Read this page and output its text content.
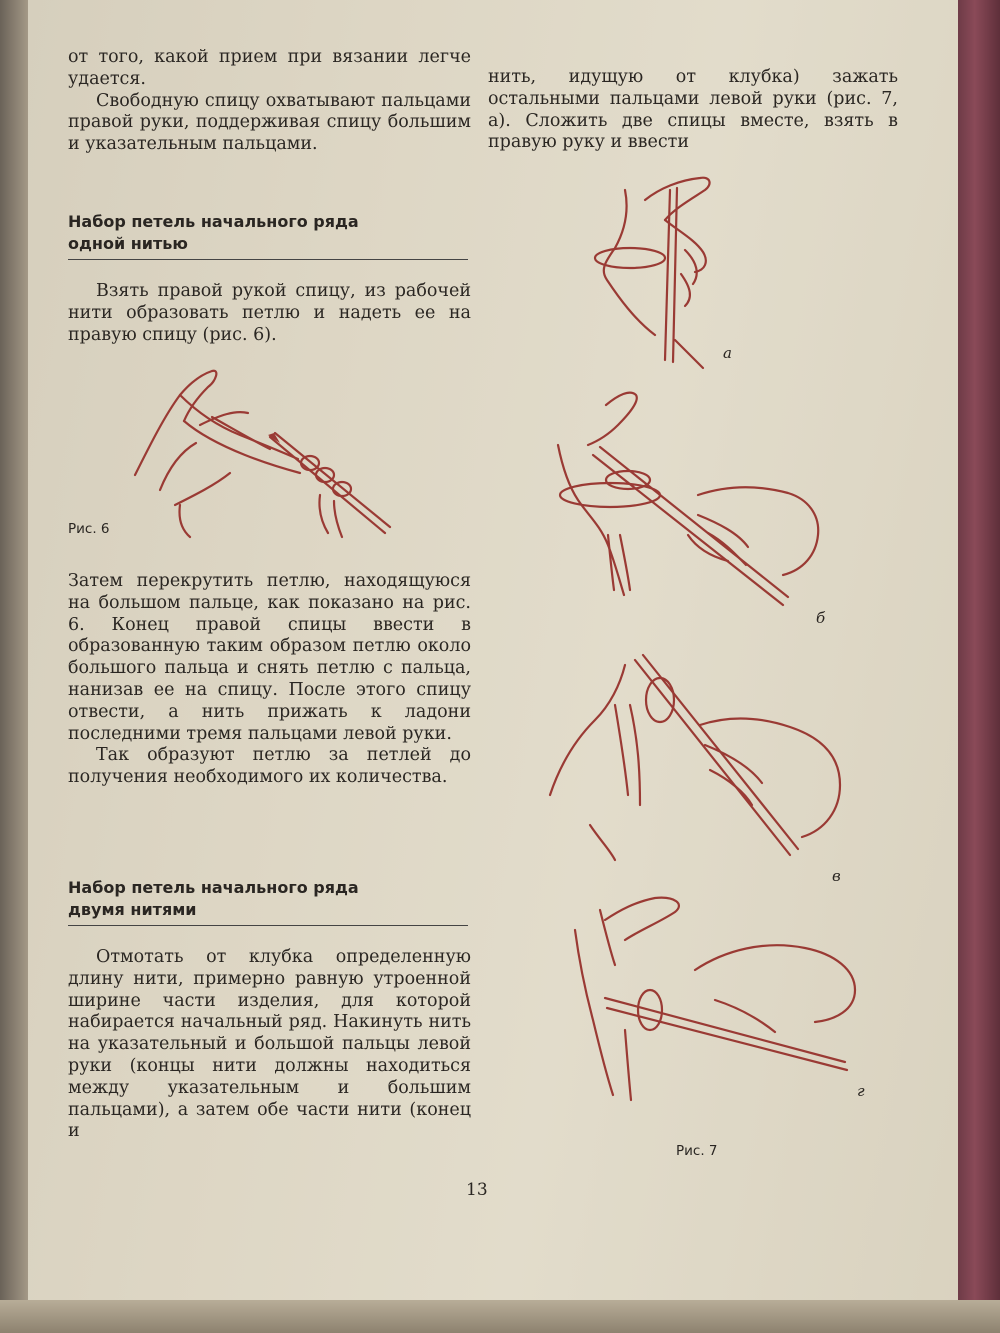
от того, какой прием при вязании легче удается.

Свободную спицу охватывают пальцами правой руки, поддерживая спицу большим и указательным пальцами.

Набор петель начального ряда

одной нитью

Взять правой рукой спицу, из рабочей нити образовать петлю и надеть ее на правую спицу (рис. 6).

Рис. 6

Затем перекрутить петлю, находящуюся на большом пальце, как показано на рис. 6. Конец правой спицы ввести в образованную таким образом петлю около большого пальца и снять петлю с пальца, нанизав ее на спицу. После этого спицу отвести, а нить прижать к ладони последними тремя пальцами левой руки.

Так образуют петлю за петлей до получения необходимого их количества.

Набор петель начального ряда

двумя нитями

Отмотать от клубка определенную длину нити, примерно равную утроенной ширине части изделия, для которой набирается начальный ряд. Накинуть нить на указательный и большой пальцы левой руки (концы нити должны находиться между указательным и большим пальцами), а затем обе части нити (конец и

нить, идущую от клубка) зажать остальными пальцами левой руки (рис. 7, а). Сложить две спицы вместе, взять в правую руку и ввести

а
б
в
г
Рис. 7
13
